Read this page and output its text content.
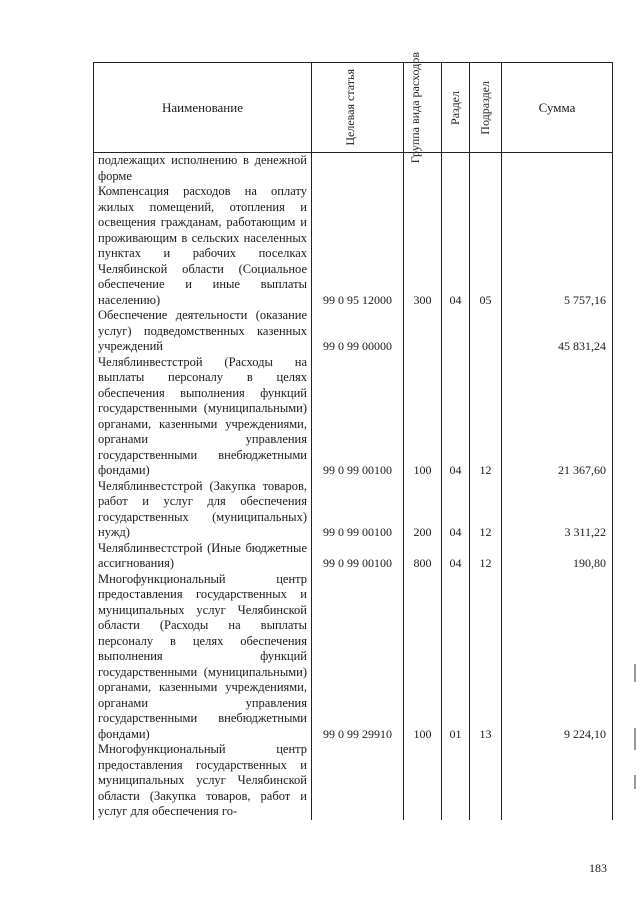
Наименование	Целевая статья	Группа вида расходов	Раздел	Подраздел	Сумма
подлежащих исполнению в денежной форме					
Компенсация расходов на оплату жилых помещений, отопления и освещения гражданам, работающим и проживающим в сельских населенных пунктах и рабочих поселках Челябинской области (Социальное обеспечение и иные выплаты населению)	99 0 95 12000	300	04	05	5 757,16
Обеспечение деятельности (оказание услуг) подведомственных казенных учреждений	99 0 99 00000				45 831,24
Челяблинвестстрой (Расходы на выплаты персоналу в целях обеспечения выполнения функций государственными (муниципальными) органами, казенными учреждениями, органами управления государственными внебюджетными фондами)	99 0 99 00100	100	04	12	21 367,60
Челяблинвестстрой (Закупка товаров, работ и услуг для обеспечения государственных (муниципальных) нужд)	99 0 99 00100	200	04	12	3 311,22
Челяблинвестстрой (Иные бюджетные ассигнования)	99 0 99 00100	800	04	12	190,80
Многофункциональный центр предоставления государственных и муниципальных услуг Челябинской области (Расходы на выплаты персоналу в целях обеспечения выполнения функций государственными (муниципальными) органами, казенными учреждениями, органами управления государственными внебюджетными фондами)	99 0 99 29910	100	01	13	9 224,10
Многофункциональный центр предоставления государственных и муниципальных услуг Челябинской области (Закупка товаров, работ и услуг для обеспечения го-					
183
